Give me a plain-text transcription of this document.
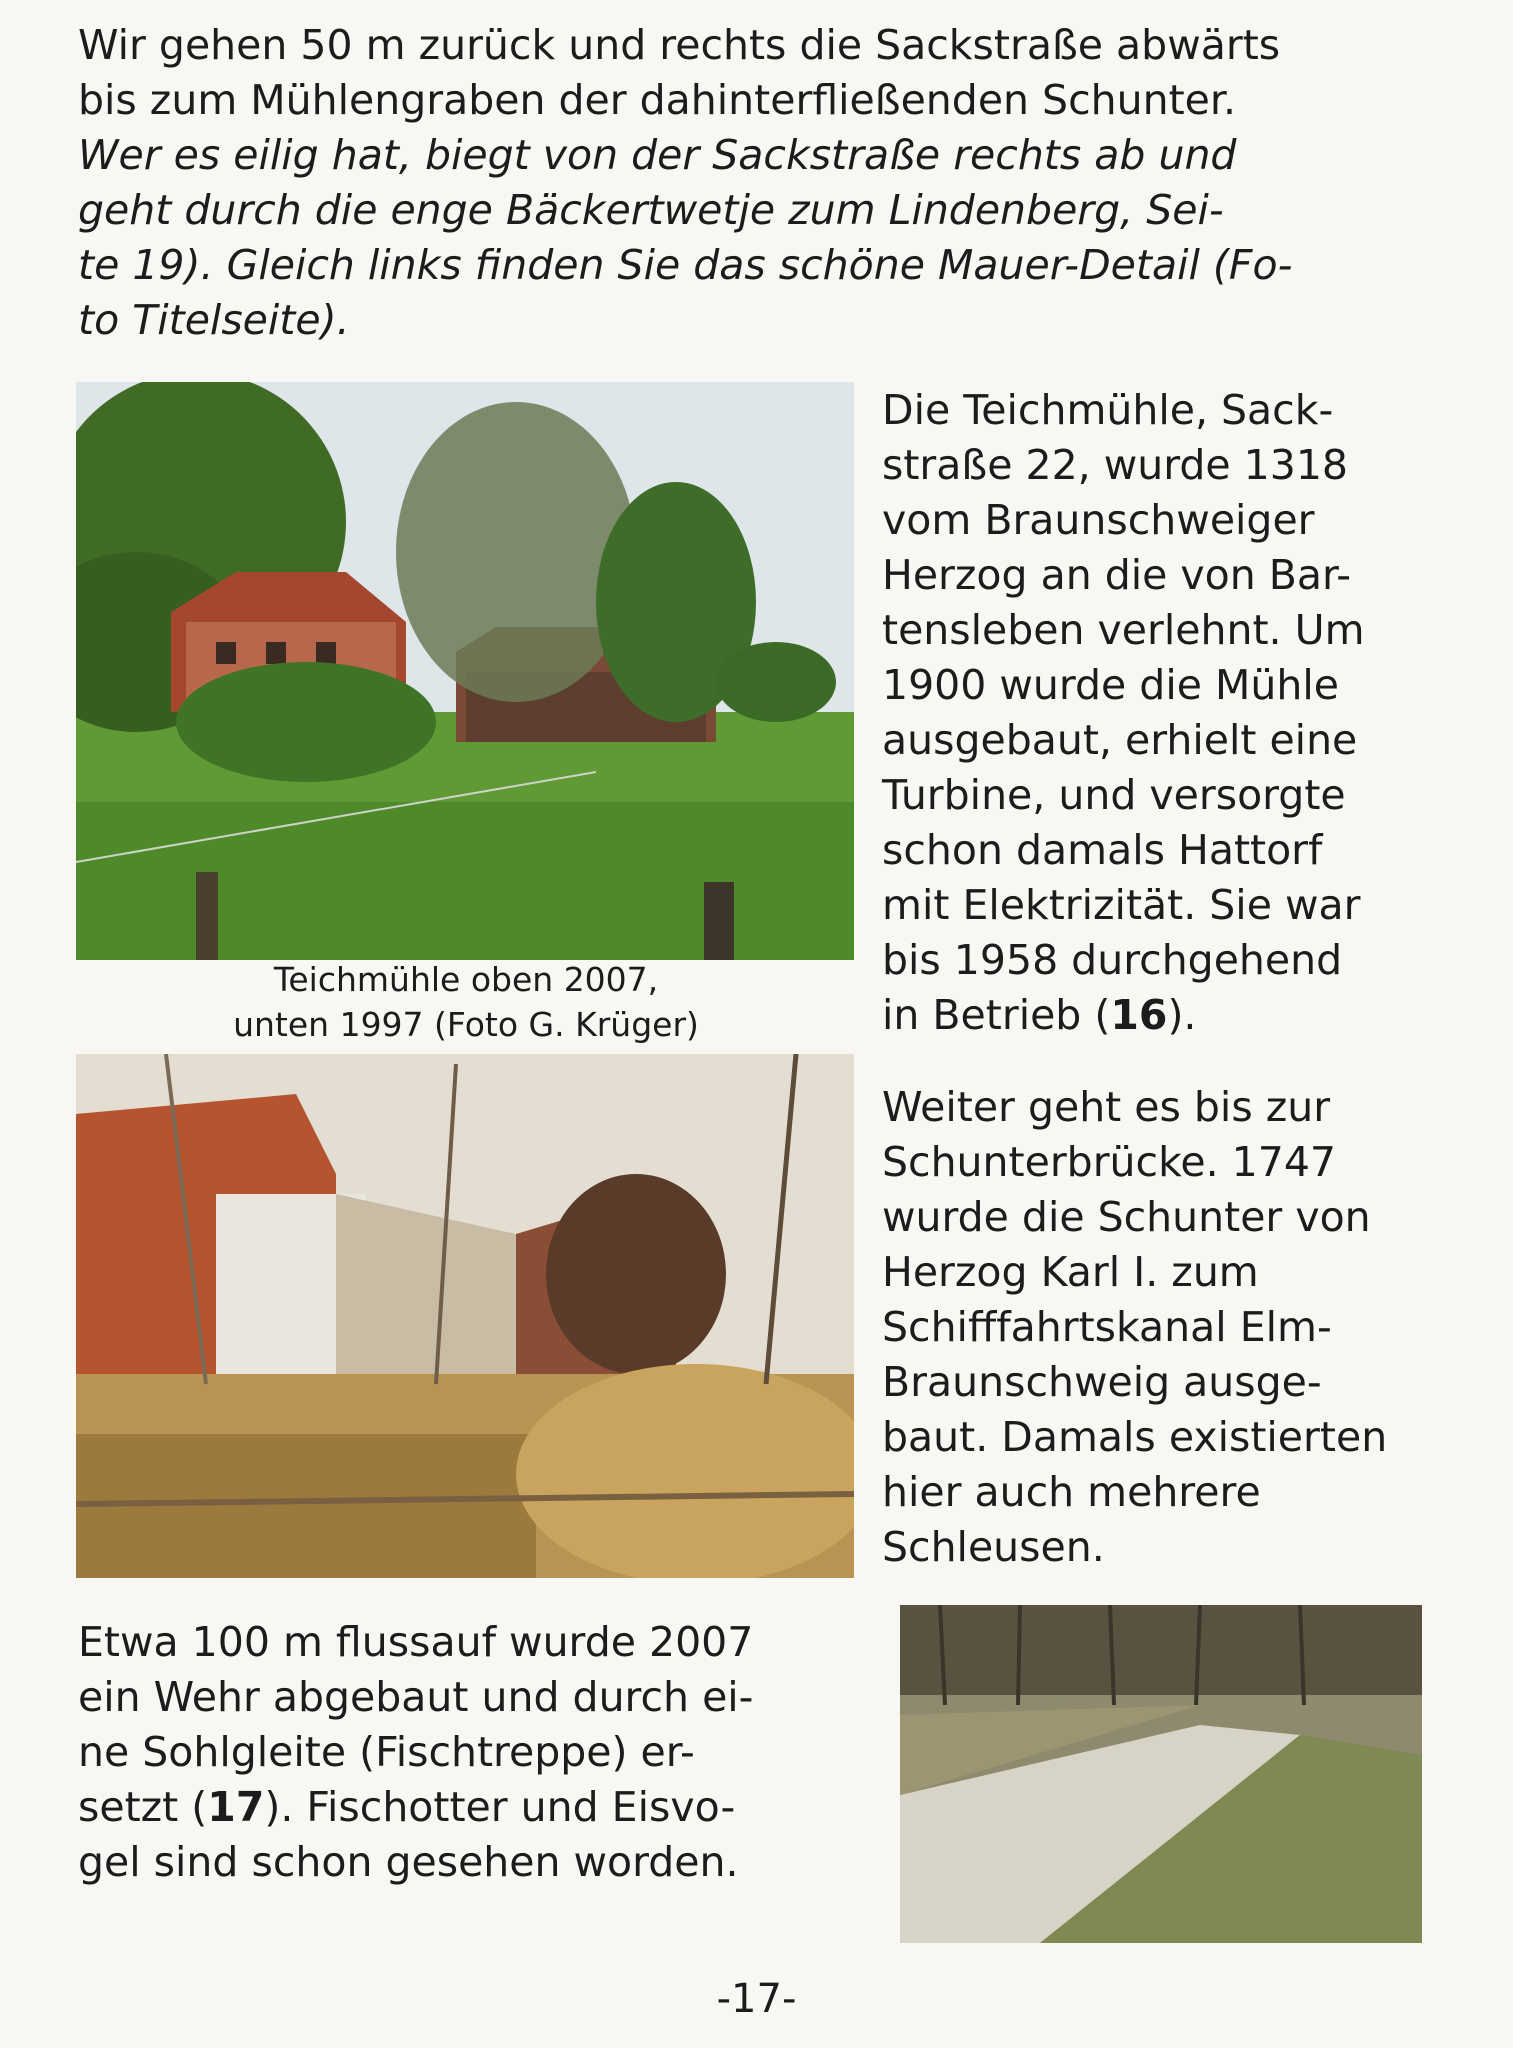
Wir gehen 50 m zurück und rechts die Sackstraße abwärts
bis zum Mühlengraben der dahinterfließenden Schunter.
Wer es eilig hat, biegt von der Sackstraße rechts ab und
geht durch die enge Bäckertwetje zum Lindenberg, Sei-
te 19). Gleich links finden Sie das schöne Mauer-Detail (Fo-
to Titelseite).
Die Teichmühle, Sack-
straße 22, wurde 1318
vom Braunschweiger
Herzog an die von Bar-
tensleben verlehnt. Um
1900 wurde die Mühle
ausgebaut, erhielt eine
Turbine, und versorgte
schon damals Hattorf
mit Elektrizität. Sie war
bis 1958 durchgehend
in Betrieb (16).
Teichmühle oben 2007,
unten 1997 (Foto G. Krüger)
Weiter geht es bis zur
Schunterbrücke. 1747
wurde die Schunter von
Herzog Karl I. zum
Schifffahrtskanal Elm-
Braunschweig ausge-
baut. Damals existierten
hier auch mehrere
Schleusen.
Etwa 100 m flussauf wurde 2007
ein Wehr abgebaut und durch ei-
ne Sohlgleite (Fischtreppe) er-
setzt (17). Fischotter und Eisvo-
gel sind schon gesehen worden.
-17-
